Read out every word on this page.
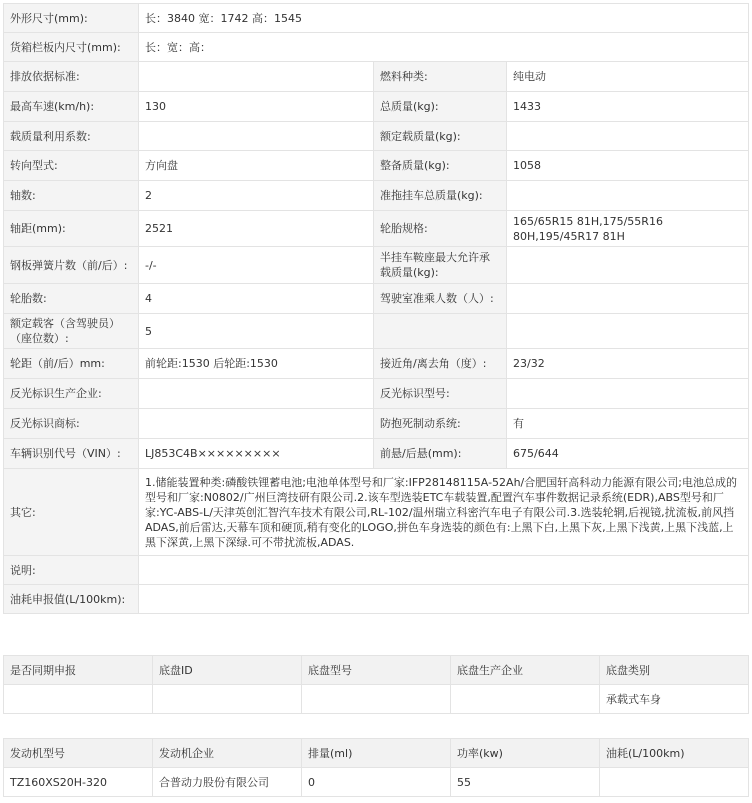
外形尺寸(mm):	长：3840 宽：1742 高：1545		
货箱栏板内尺寸(mm):	长：宽：高：		
排放依据标准:		燃料种类:	纯电动
最高车速(km/h):	130	总质量(kg):	1433
载质量利用系数:		额定载质量(kg):	
转向型式:	方向盘	整备质量(kg):	1058
轴数:	2	准拖挂车总质量(kg):	
轴距(mm):	2521	轮胎规格:	165/65R15 81H,175/55R16 80H,195/45R17 81H
钢板弹簧片数（前/后）:	-/-	半挂车鞍座最大允许承载质量(kg):	
轮胎数:	4	驾驶室准乘人数（人）:	
额定载客（含驾驶员）（座位数）:	5		
轮距（前/后）mm:	前轮距:1530 后轮距:1530	接近角/离去角（度）:	23/32
反光标识生产企业:		反光标识型号:	
反光标识商标:		防抱死制动系统:	有
车辆识别代号（VIN）:	LJ853C4B×××××××××	前悬/后悬(mm):	675/644
其它:	1.储能装置种类:磷酸铁锂蓄电池;电池单体型号和厂家:IFP28148115A-52Ah/合肥国轩高科动力能源有限公司;电池总成的型号和厂家:N0802/广州巨湾技研有限公司.2.该车型选装ETC车载装置,配置汽车事件数据记录系统(EDR),ABS型号和厂家:YC-ABS-L/天津英创汇智汽车技术有限公司,RL-102/温州瑞立科密汽车电子有限公司.3.选装轮辋,后视镜,扰流板,前风挡ADAS,前后雷达,天幕车顶和硬顶,稍有变化的LOGO,拼色车身选装的颜色有:上黑下白,上黑下灰,上黑下浅黄,上黑下浅蓝,上黑下深黄,上黑下深绿.可不带扰流板,ADAS.		
说明:			
油耗申报值(L/100km):			
是否同期申报	底盘ID	底盘型号	底盘生产企业	底盘类别
				承载式车身
发动机型号	发动机企业	排量(ml)	功率(kw)	油耗(L/100km)
TZ160XS20H-320	合普动力股份有限公司	0	55	
